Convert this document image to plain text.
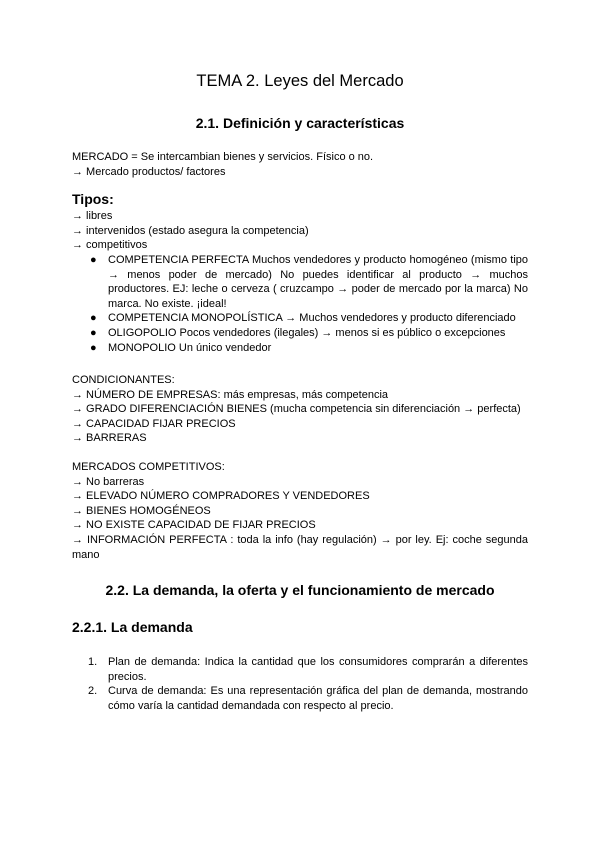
TEMA 2. Leyes del Mercado
2.1. Definición y características
MERCADO = Se intercambian bienes y servicios. Físico o no.
→ Mercado productos/ factores
Tipos:
→ libres
→ intervenidos (estado asegura la competencia)
→ competitivos
● COMPETENCIA PERFECTA Muchos vendedores y producto homogéneo (mismo tipo → menos poder de mercado) No puedes identificar al producto → muchos productores. EJ: leche o cerveza ( cruzcampo → poder de mercado por la marca) No marca. No existe. ¡ideal!
● COMPETENCIA MONOPOLÍSTICA → Muchos vendedores y producto diferenciado
● OLIGOPOLIO Pocos vendedores (ilegales) → menos si es público o excepciones
● MONOPOLIO Un único vendedor
CONDICIONANTES:
→ NÚMERO DE EMPRESAS: más empresas, más competencia
→ GRADO DIFERENCIACIÓN BIENES (mucha competencia sin diferenciación → perfecta)
→ CAPACIDAD FIJAR PRECIOS
→ BARRERAS
MERCADOS COMPETITIVOS:
→ No barreras
→ ELEVADO NÚMERO COMPRADORES Y VENDEDORES
→ BIENES HOMOGÉNEOS
→ NO EXISTE CAPACIDAD DE FIJAR PRECIOS
→ INFORMACIÓN PERFECTA : toda la info (hay regulación) → por ley. Ej: coche segunda mano
2.2. La demanda, la oferta y el funcionamiento de mercado
2.2.1. La demanda
1. Plan de demanda: Indica la cantidad que los consumidores comprarán a diferentes precios.
2. Curva de demanda: Es una representación gráfica del plan de demanda, mostrando cómo varía la cantidad demandada con respecto al precio.
